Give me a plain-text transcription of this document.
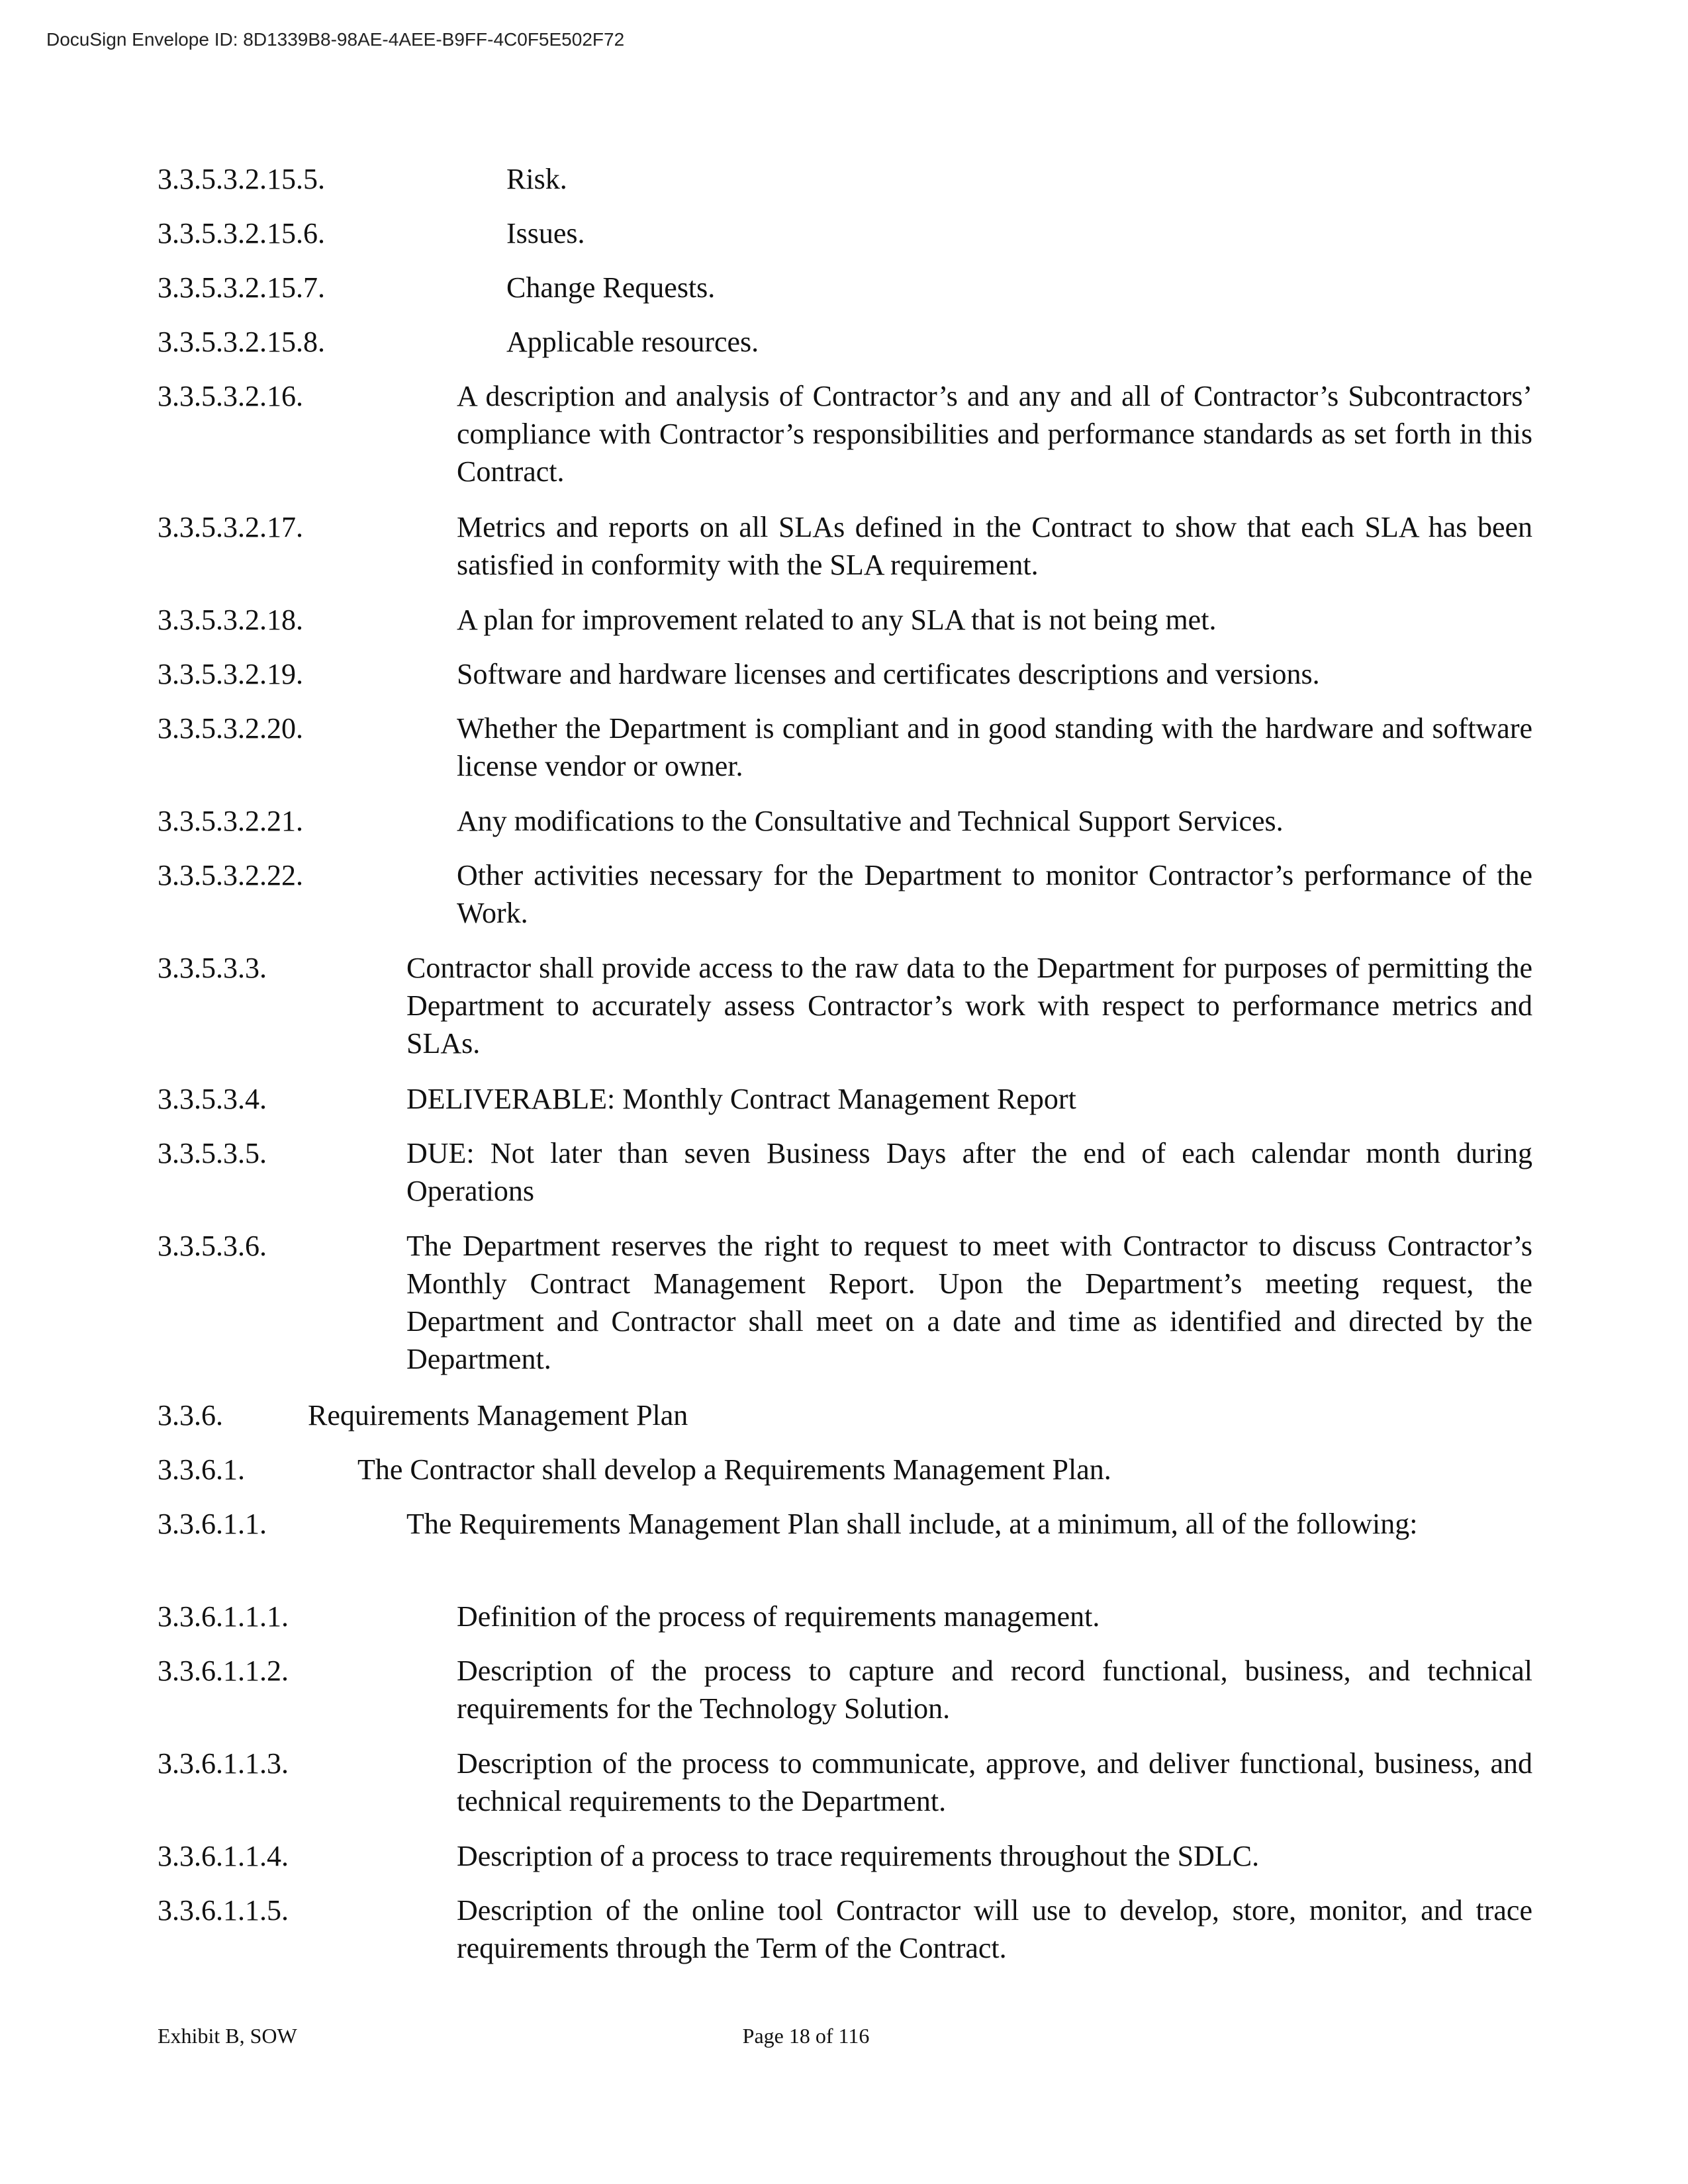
DocuSign Envelope ID: 8D1339B8-98AE-4AEE-B9FF-4C0F5E502F72
3.3.5.3.2.15.5.	Risk.
3.3.5.3.2.15.6.	Issues.
3.3.5.3.2.15.7.	Change Requests.
3.3.5.3.2.15.8.	Applicable resources.
3.3.5.3.2.16.	A description and analysis of Contractor’s and any and all of Contractor’s Subcontractors’ compliance with Contractor’s responsibilities and performance standards as set forth in this Contract.
3.3.5.3.2.17.	Metrics and reports on all SLAs defined in the Contract to show that each SLA has been satisfied in conformity with the SLA requirement.
3.3.5.3.2.18.	A plan for improvement related to any SLA that is not being met.
3.3.5.3.2.19.	Software and hardware licenses and certificates descriptions and versions.
3.3.5.3.2.20.	Whether the Department is compliant and in good standing with the hardware and software license vendor or owner.
3.3.5.3.2.21.	Any modifications to the Consultative and Technical Support Services.
3.3.5.3.2.22.	Other activities necessary for the Department to monitor Contractor’s performance of the Work.
3.3.5.3.3.	Contractor shall provide access to the raw data to the Department for purposes of permitting the Department to accurately assess Contractor’s work with respect to performance metrics and SLAs.
3.3.5.3.4.	DELIVERABLE: Monthly Contract Management Report
3.3.5.3.5.	DUE: Not later than seven Business Days after the end of each calendar month during Operations
3.3.5.3.6.	The Department reserves the right to request to meet with Contractor to discuss Contractor’s Monthly Contract Management Report. Upon the Department’s meeting request, the Department and Contractor shall meet on a date and time as identified and directed by the Department.
3.3.6.	Requirements Management Plan
3.3.6.1.	The Contractor shall develop a Requirements Management Plan.
3.3.6.1.1.	The Requirements Management Plan shall include, at a minimum, all of the following:
3.3.6.1.1.1.	Definition of the process of requirements management.
3.3.6.1.1.2.	Description of the process to capture and record functional, business, and technical requirements for the Technology Solution.
3.3.6.1.1.3.	Description of the process to communicate, approve, and deliver functional, business, and technical requirements to the Department.
3.3.6.1.1.4.	Description of a process to trace requirements throughout the SDLC.
3.3.6.1.1.5.	Description of the online tool Contractor will use to develop, store, monitor, and trace requirements through the Term of the Contract.
Exhibit B, SOW	Page 18 of 116
